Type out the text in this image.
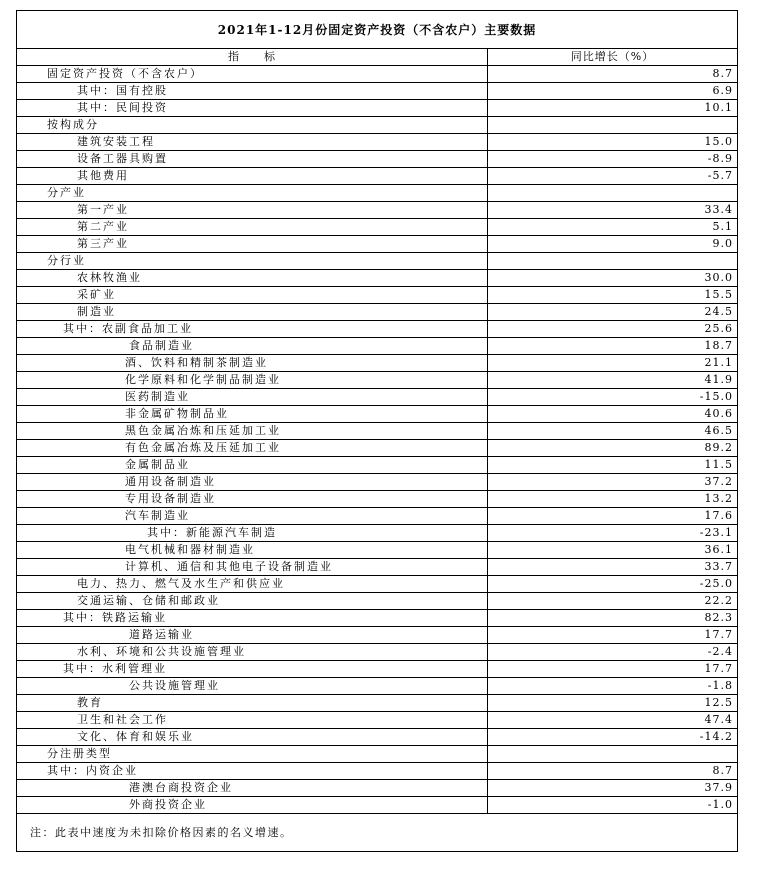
2021年1-12月份固定资产投资（不含农户）主要数据
指　　标	同比增长（%）
固定资产投资（不含农户）	8.7
其中：国有控股	6.9
其中：民间投资	10.1
按构成分	
建筑安装工程	15.0
设备工器具购置	-8.9
其他费用	-5.7
分产业	
第一产业	33.4
第二产业	5.1
第三产业	9.0
分行业	
农林牧渔业	30.0
采矿业	15.5
制造业	24.5
其中：农副食品加工业	25.6
食品制造业	18.7
酒、饮料和精制茶制造业	21.1
化学原料和化学制品制造业	41.9
医药制造业	-15.0
非金属矿物制品业	40.6
黑色金属冶炼和压延加工业	46.5
有色金属冶炼及压延加工业	89.2
金属制品业	11.5
通用设备制造业	37.2
专用设备制造业	13.2
汽车制造业	17.6
其中：新能源汽车制造	-23.1
电气机械和器材制造业	36.1
计算机、通信和其他电子设备制造业	33.7
电力、热力、燃气及水生产和供应业	-25.0
交通运输、仓储和邮政业	22.2
其中：铁路运输业	82.3
道路运输业	17.7
水利、环境和公共设施管理业	-2.4
其中：水利管理业	17.7
公共设施管理业	-1.8
教育	12.5
卫生和社会工作	47.4
文化、体育和娱乐业	-14.2
分注册类型	
其中：内资企业	8.7
港澳台商投资企业	37.9
外商投资企业	-1.0
注：此表中速度为未扣除价格因素的名义增速。
